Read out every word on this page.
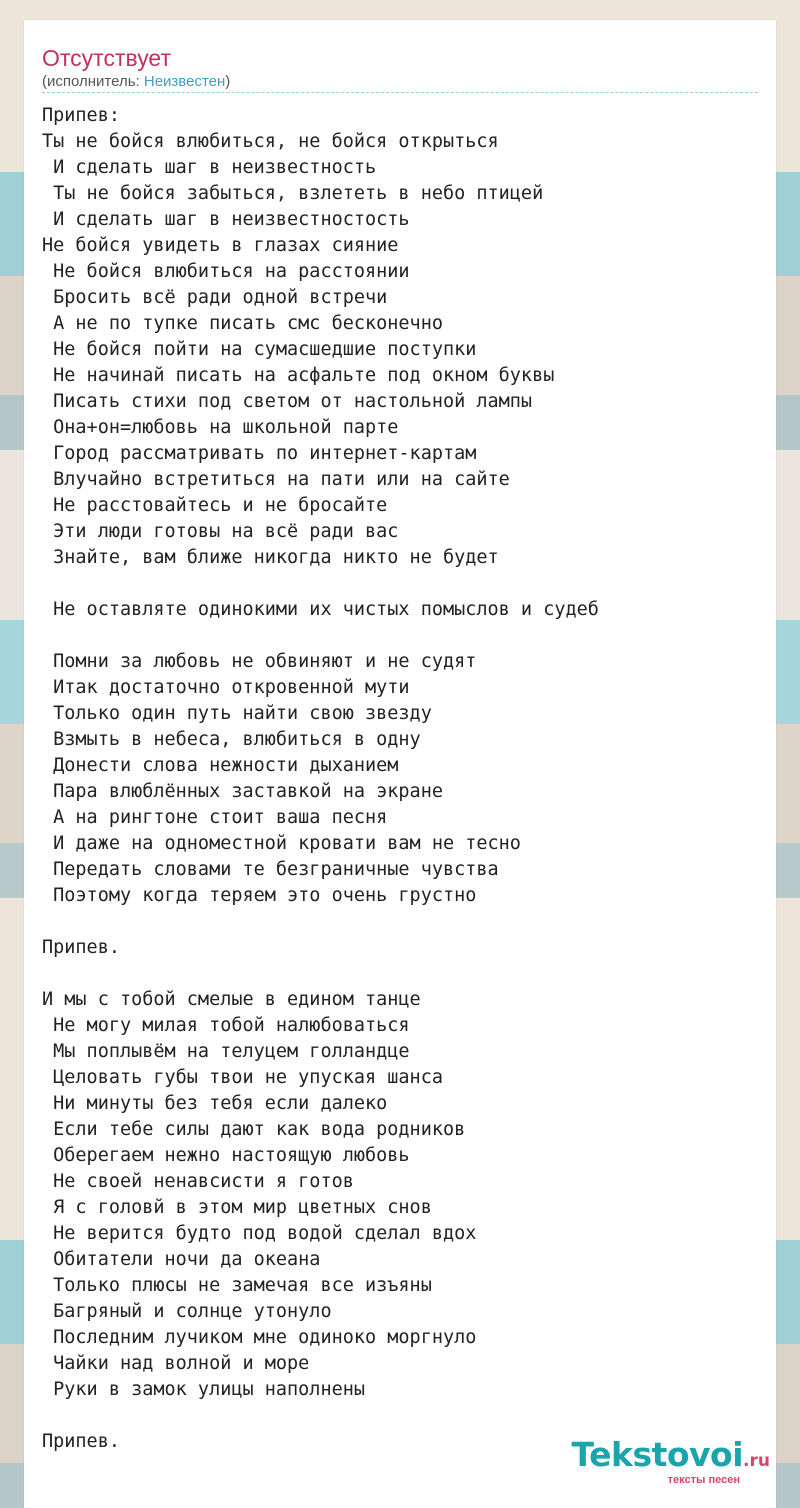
Отсутствует
(исполнитель: Неизвестен)
Припев:
Ты не бойся влюбиться, не бойся открыться
И сделать шаг в неизвестность
Ты не бойся забыться, взлететь в небо птицей
И сделать шаг в неизвестностость
Не бойся увидеть в глазах сияние
Не бойся влюбиться на расстоянии
Бросить всё ради одной встречи
А не по тупке писать смс бесконечно
Не бойся пойти на сумасшедшие поступки
Не начинай писать на асфальте под окном буквы
Писать стихи под светом от настольной лампы
Она+он=любовь на школьной парте
Город рассматривать по интернет-картам
Влучайно встретиться на пати или на сайте
Не расстовайтесь и не бросайте
Эти люди готовы на всё ради вас
Знайте, вам ближе никогда никто не будет

Не оставляте одинокими их чистых помыслов и судеб

Помни за любовь не обвиняют и не судят
Итак достаточно откровенной мути
Только один путь найти свою звезду
Взмыть в небеса, влюбиться в одну
Донести слова нежности дыханием
Пара влюблённых заставкой на экране
А на рингтоне стоит ваша песня
И даже на одноместной кровати вам не тесно
Передать словами те безграничные чувства
Поэтому когда теряем это очень грустно

Припев.

И мы с тобой смелые в едином танце
Не могу милая тобой налюбоваться
Мы поплывём на телуцем голландце
Целовать губы твои не упуская шанса
Ни минуты без тебя если далеко
Если тебе силы дают как вода родников
Оберегаем нежно настоящую любовь
Не своей ненавсисти я готов
Я с головй в этом мир цветных снов
Не верится будто под водой сделал вдох
Обитатели ночи да океана
Только плюсы не замечая все изъяны
Багряный и солнце утонуло
Последним лучиком мне одиноко моргнуло
Чайки над волной и море
Руки в замок улицы наполнены

Припев.	Tekstovoi.ru
тексты песен
